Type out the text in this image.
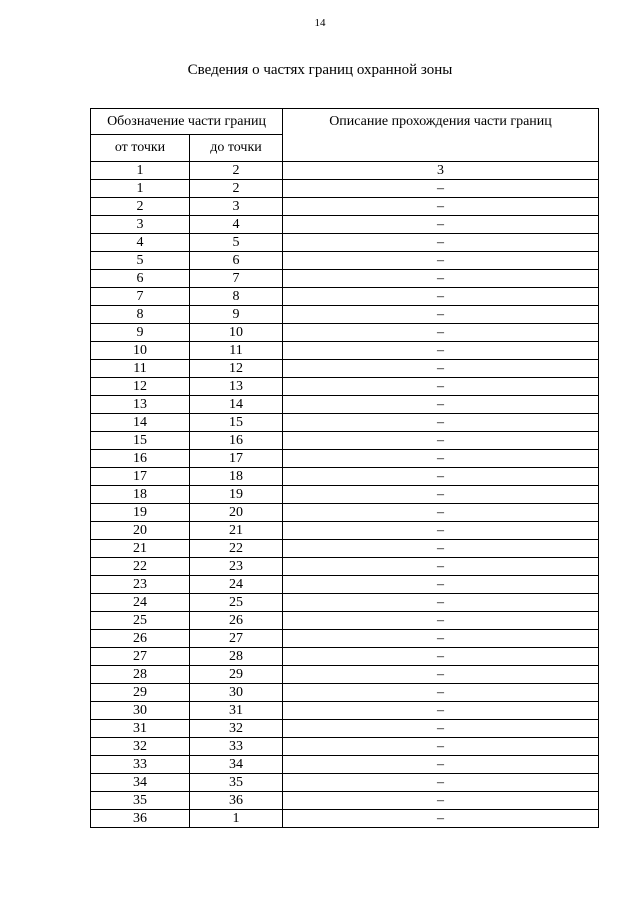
14
Сведения о частях границ охранной зоны
Обозначение части границ		Описание прохождения части границ
от точки	до точки	
1	2	3
1	2	–
2	3	–
3	4	–
4	5	–
5	6	–
6	7	–
7	8	–
8	9	–
9	10	–
10	11	–
11	12	–
12	13	–
13	14	–
14	15	–
15	16	–
16	17	–
17	18	–
18	19	–
19	20	–
20	21	–
21	22	–
22	23	–
23	24	–
24	25	–
25	26	–
26	27	–
27	28	–
28	29	–
29	30	–
30	31	–
31	32	–
32	33	–
33	34	–
34	35	–
35	36	–
36	1	–
